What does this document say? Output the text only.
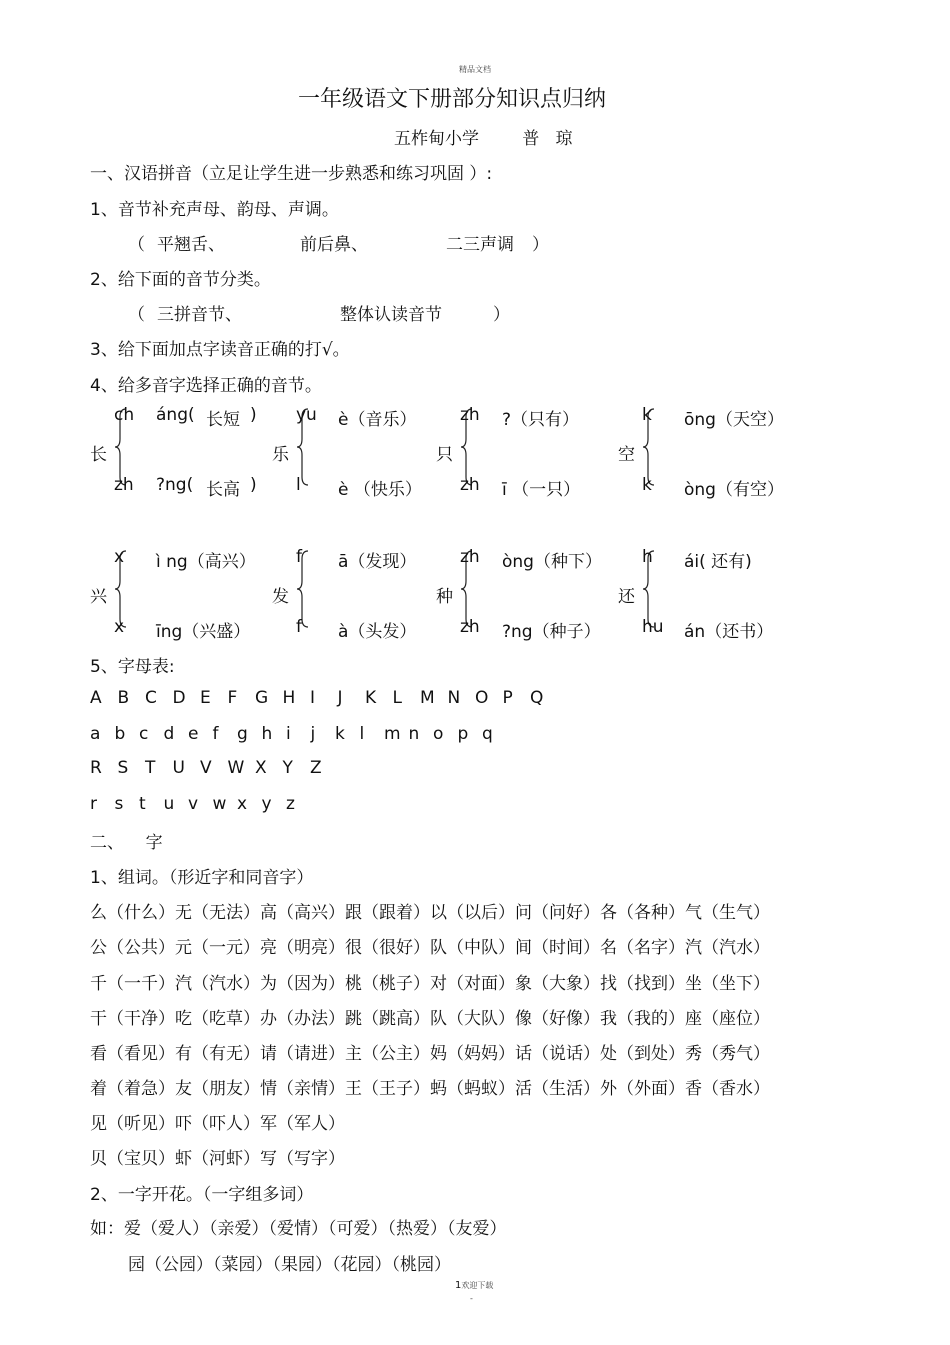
精品文档
一年级语文下册部分知识点归纳
五柞甸小学        普   琼
一、汉语拼音（立足让学生进一步熟悉和练习巩固 ）:
1、音节补充声母、韵母、声调。
（ 平翘舌、	前后鼻、	二三声调 ）
2、给下面的音节分类。
（ 三拼音节、	整体认读音节	）
3、给下面加点字读音正确的打√。
4、给多音字选择正确的音节。
长
ch áng( 长短 )
zh ?ng( 长高 )
乐
yu è（音乐）
l è （快乐）
只
zh ?（只有）
zh ī （一只）
空
k ōng（天空）
k òng（有空）
兴
x ì ng（高兴）
x īng（兴盛）
发
f ā（发现）
f à（头发）
种
zh òng（种下）
zh ?ng（种子）
还
h ái( 还有)
hu án（还书）
5、字母表:
A B C D E F G H I J K L M N O P Q
a b c d e f g h i j k l m n o p q
R S T U V W X Y Z
r s t u v w x y z
二、    字
1、组词。（形近字和同音字）
么（什么）无（无法）高（高兴）跟（跟着）以（以后）问（问好）各（各种）气（生气）
公（公共）元（一元）亮（明亮）很（很好）队（中队）间（时间）名（名字）汽（汽水）
千（一千）汽（汽水）为（因为）桃（桃子）对（对面）象（大象）找（找到）坐（坐下）
干（干净）吃（吃草）办（办法）跳（跳高）队（大队）像（好像）我（我的）座（座位）
看（看见）有（有无）请（请进）主（公主）妈（妈妈）话（说话）处（到处）秀（秀气）
着（着急）友（朋友）情（亲情）王（王子）蚂（蚂蚁）活（生活）外（外面）香（香水）
见（听见）吓（吓人）军（军人）
贝（宝贝）虾（河虾）写（写字）
2、一字开花。（一字组多词）
如：爱（爱人）（亲爱）（爱情）（可爱）（热爱）（友爱）
园（公园）（菜园）（果园）（花园）（桃园）
1欢迎下载
-
